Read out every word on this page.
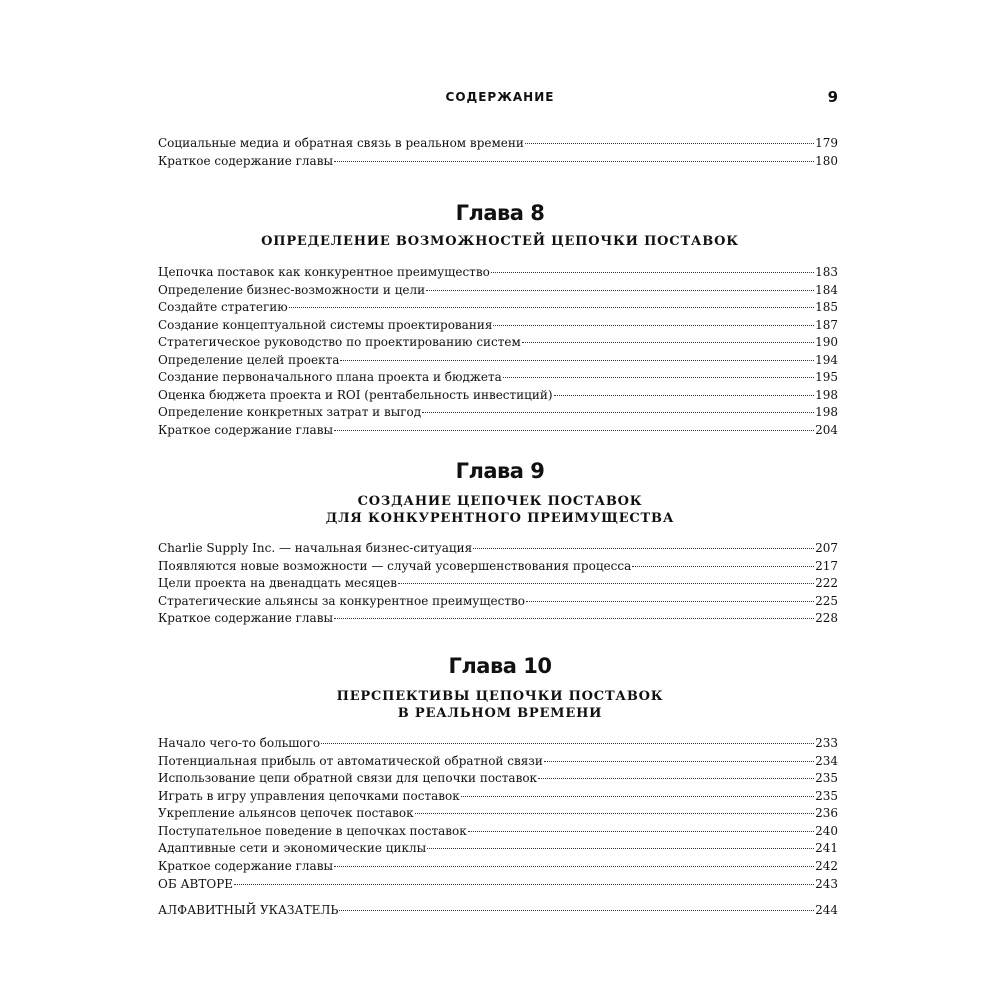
СОДЕРЖАНИЕ	9
Социальные медиа и обратная связь в реальном времени	179
Краткое содержание главы	180
Глава 8
ОПРЕДЕЛЕНИЕ ВОЗМОЖНОСТЕЙ ЦЕПОЧКИ ПОСТАВОК
Цепочка поставок как конкурентное преимущество	183
Определение бизнес-возможности и цели	184
Создайте стратегию	185
Создание концептуальной системы проектирования	187
Стратегическое руководство по проектированию систем	190
Определение целей проекта	194
Создание первоначального плана проекта и бюджета	195
Оценка бюджета проекта и ROI (рентабельность инвестиций)	198
Определение конкретных затрат и выгод	198
Краткое содержание главы	204
Глава 9
СОЗДАНИЕ ЦЕПОЧЕК ПОСТАВОК
ДЛЯ КОНКУРЕНТНОГО ПРЕИМУЩЕСТВА
Charlie Supply Inc. — начальная бизнес-ситуация	207
Появляются новые возможности — случай усовершенствования процесса	217
Цели проекта на двенадцать месяцев	222
Стратегические альянсы за конкурентное преимущество	225
Краткое содержание главы	228
Глава 10
ПЕРСПЕКТИВЫ ЦЕПОЧКИ ПОСТАВОК
В РЕАЛЬНОМ ВРЕМЕНИ
Начало чего-то большого	233
Потенциальная прибыль от автоматической обратной связи	234
Использование цепи обратной связи для цепочки поставок	235
Играть в игру управления цепочками поставок	235
Укрепление альянсов цепочек поставок	236
Поступательное поведение в цепочках поставок	240
Адаптивные сети и экономические циклы	241
Краткое содержание главы	242
ОБ АВТОРЕ	243
АЛФАВИТНЫЙ УКАЗАТЕЛЬ	244
